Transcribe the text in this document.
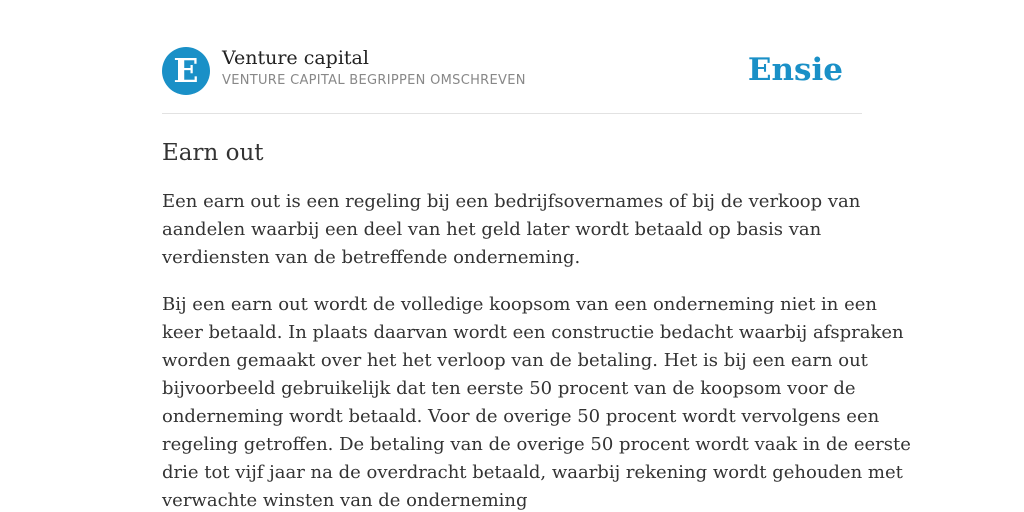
E	Venture capital
VENTURE CAPITAL BEGRIPPEN OMSCHREVEN	Ensie
Earn out

Een earn out is een regeling bij een bedrijfsovernames of bij de verkoop van
aandelen waarbij een deel van het geld later wordt betaald op basis van
verdiensten van de betreffende onderneming.

Bij een earn out wordt de volledige koopsom van een onderneming niet in een
keer betaald. In plaats daarvan wordt een constructie bedacht waarbij afspraken
worden gemaakt over het het verloop van de betaling. Het is bij een earn out
bijvoorbeeld gebruikelijk dat ten eerste 50 procent van de koopsom voor de
onderneming wordt betaald. Voor de overige 50 procent wordt vervolgens een
regeling getroffen. De betaling van de overige 50 procent wordt vaak in de eerste
drie tot vijf jaar na de overdracht betaald, waarbij rekening wordt gehouden met
verwachte winsten van de onderneming
